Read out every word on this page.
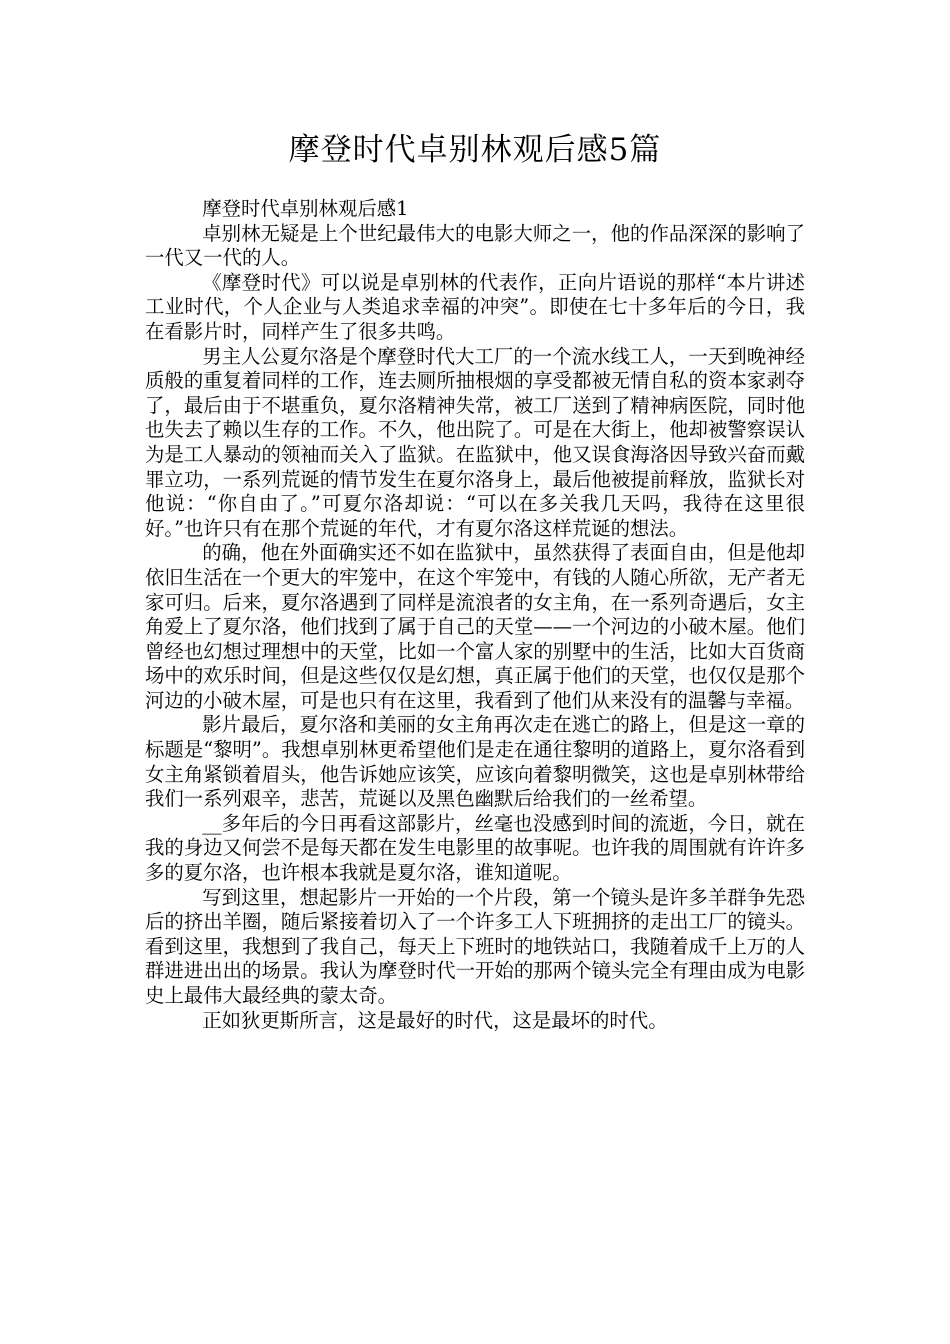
摩登时代卓别林观后感5篇

摩登时代卓别林观后感1

卓别林无疑是上个世纪最伟大的电影大师之一，他的作品深深的影响了一代又一代的人。

《摩登时代》可以说是卓别林的代表作，正向片语说的那样“本片讲述工业时代，个人企业与人类追求幸福的冲突”。即使在七十多年后的今日，我在看影片时，同样产生了很多共鸣。

男主人公夏尔洛是个摩登时代大工厂的一个流水线工人，一天到晚神经质般的重复着同样的工作，连去厕所抽根烟的享受都被无情自私的资本家剥夺了，最后由于不堪重负，夏尔洛精神失常，被工厂送到了精神病医院，同时他也失去了赖以生存的工作。不久，他出院了。可是在大街上，他却被警察误认为是工人暴动的领袖而关入了监狱。在监狱中，他又误食海洛因导致兴奋而戴罪立功，一系列荒诞的情节发生在夏尔洛身上，最后他被提前释放，监狱长对他说：“你自由了。”可夏尔洛却说：“可以在多关我几天吗，我待在这里很好。”也许只有在那个荒诞的年代，才有夏尔洛这样荒诞的想法。

的确，他在外面确实还不如在监狱中，虽然获得了表面自由，但是他却依旧生活在一个更大的牢笼中，在这个牢笼中，有钱的人随心所欲，无产者无家可归。后来，夏尔洛遇到了同样是流浪者的女主角，在一系列奇遇后，女主角爱上了夏尔洛，他们找到了属于自己的天堂——一个河边的小破木屋。他们曾经也幻想过理想中的天堂，比如一个富人家的别墅中的生活，比如大百货商场中的欢乐时间，但是这些仅仅是幻想，真正属于他们的天堂，也仅仅是那个河边的小破木屋，可是也只有在这里，我看到了他们从来没有的温馨与幸福。

影片最后，夏尔洛和美丽的女主角再次走在逃亡的路上，但是这一章的标题是“黎明”。我想卓别林更希望他们是走在通往黎明的道路上，夏尔洛看到女主角紧锁着眉头，他告诉她应该笑，应该向着黎明微笑，这也是卓别林带给我们一系列艰辛，悲苦，荒诞以及黑色幽默后给我们的一丝希望。

__多年后的今日再看这部影片，丝毫也没感到时间的流逝，今日，就在我的身边又何尝不是每天都在发生电影里的故事呢。也许我的周围就有许许多多的夏尔洛，也许根本我就是夏尔洛，谁知道呢。

写到这里，想起影片一开始的一个片段，第一个镜头是许多羊群争先恐后的挤出羊圈，随后紧接着切入了一个许多工人下班拥挤的走出工厂的镜头。看到这里，我想到了我自己，每天上下班时的地铁站口，我随着成千上万的人群进进出出的场景。我认为摩登时代一开始的那两个镜头完全有理由成为电影史上最伟大最经典的蒙太奇。

正如狄更斯所言，这是最好的时代，这是最坏的时代。
